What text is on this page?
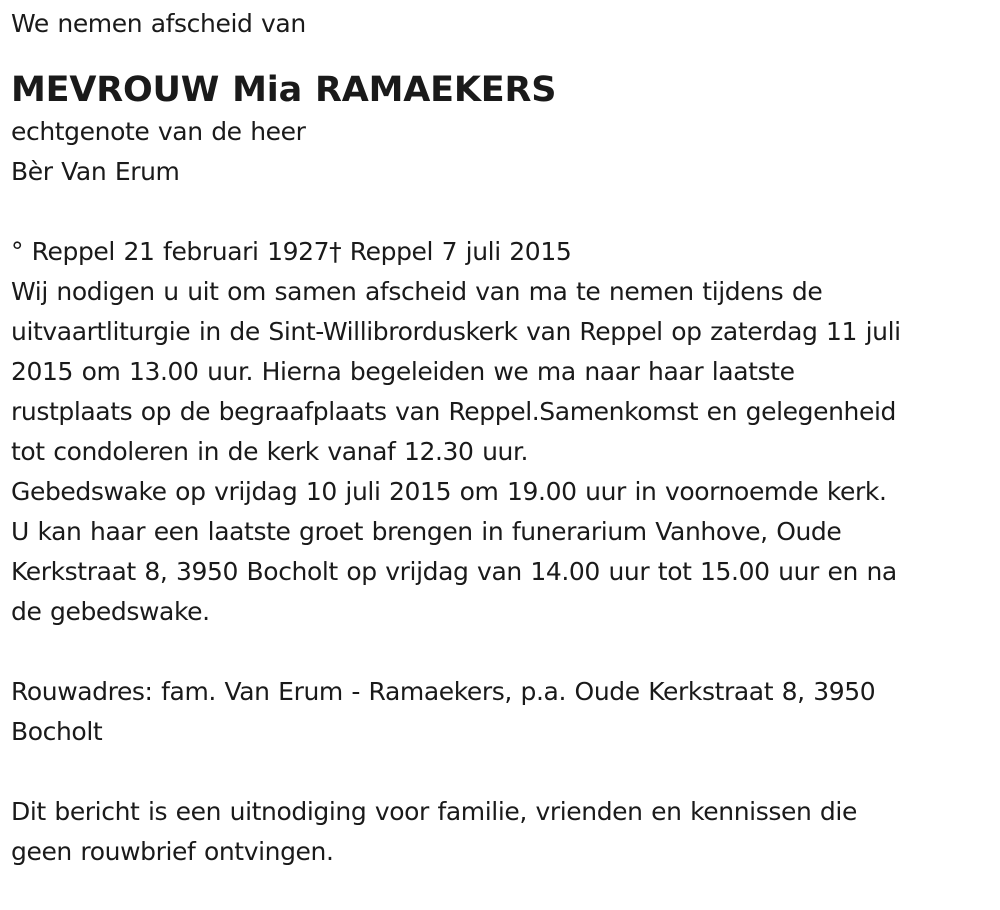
We nemen afscheid van
MEVROUW Mia RAMAEKERS
echtgenote van de heer
Bèr Van Erum
° Reppel 21 februari 1927† Reppel 7 juli 2015
Wij nodigen u uit om samen afscheid van ma te nemen tijdens de
uitvaartliturgie in de Sint-Willibrorduskerk van Reppel op zaterdag 11 juli
2015 om 13.00 uur. Hierna begeleiden we ma naar haar laatste
rustplaats op de begraafplaats van Reppel.Samenkomst en gelegenheid
tot condoleren in de kerk vanaf 12.30 uur.
Gebedswake op vrijdag 10 juli 2015 om 19.00 uur in voornoemde kerk.
U kan haar een laatste groet brengen in funerarium Vanhove, Oude
Kerkstraat 8, 3950 Bocholt op vrijdag van 14.00 uur tot 15.00 uur en na
de gebedswake.
Rouwadres: fam. Van Erum - Ramaekers, p.a. Oude Kerkstraat 8, 3950
Bocholt
Dit bericht is een uitnodiging voor familie, vrienden en kennissen die
geen rouwbrief ontvingen.
